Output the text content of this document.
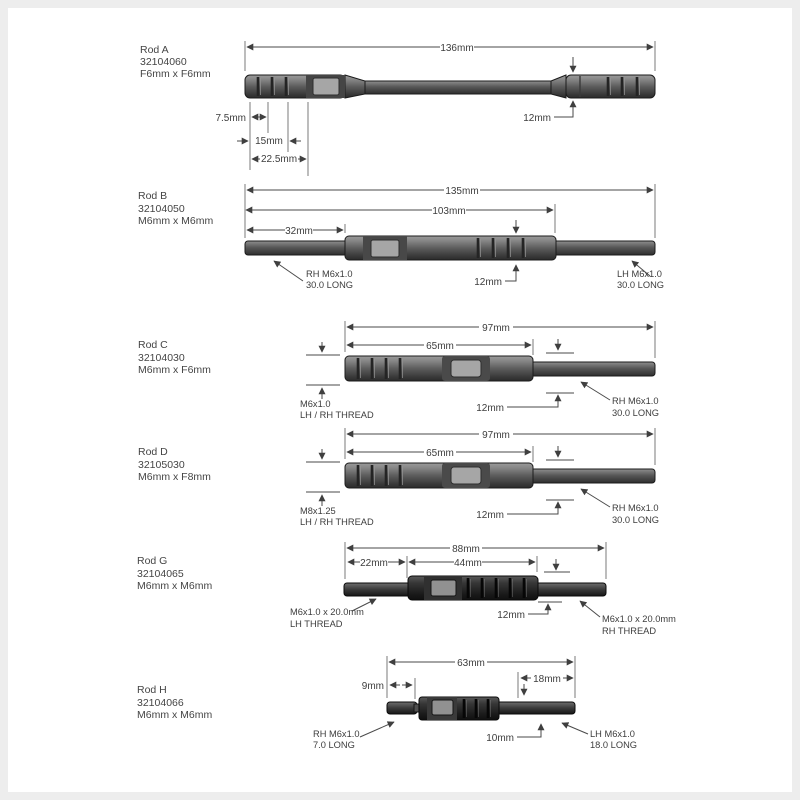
Rod A
32104060
F6mm x F6mm
136mm
7.5mm
15mm
22.5mm
12mm
Rod B
32104050
M6mm x M6mm
135mm
103mm
32mm
RH M6x1.0
30.0 LONG	12mm
LH M6x1.0
30.0 LONG
Rod C
32104030
M6mm x F6mm
97mm
65mm
M6x1.0
LH / RH THREAD
12mm
RH M6x1.0
30.0 LONG
Rod D
32105030
M6mm x F8mm
97mm
65mm
M8x1.25
LH / RH THREAD
12mm
RH M6x1.0
30.0 LONG
Rod G
32104065
M6mm x M6mm
88mm
22mm	44mm
M6x1.0 x 20.0mm
LH THREAD
12mm	M6x1.0 x 20.0mm
RH THREAD
Rod H
32104066
M6mm x M6mm
63mm
9mm
18mm
RH M6x1.0
7.0 LONG
10mm	LH M6x1.0
18.0 LONG
